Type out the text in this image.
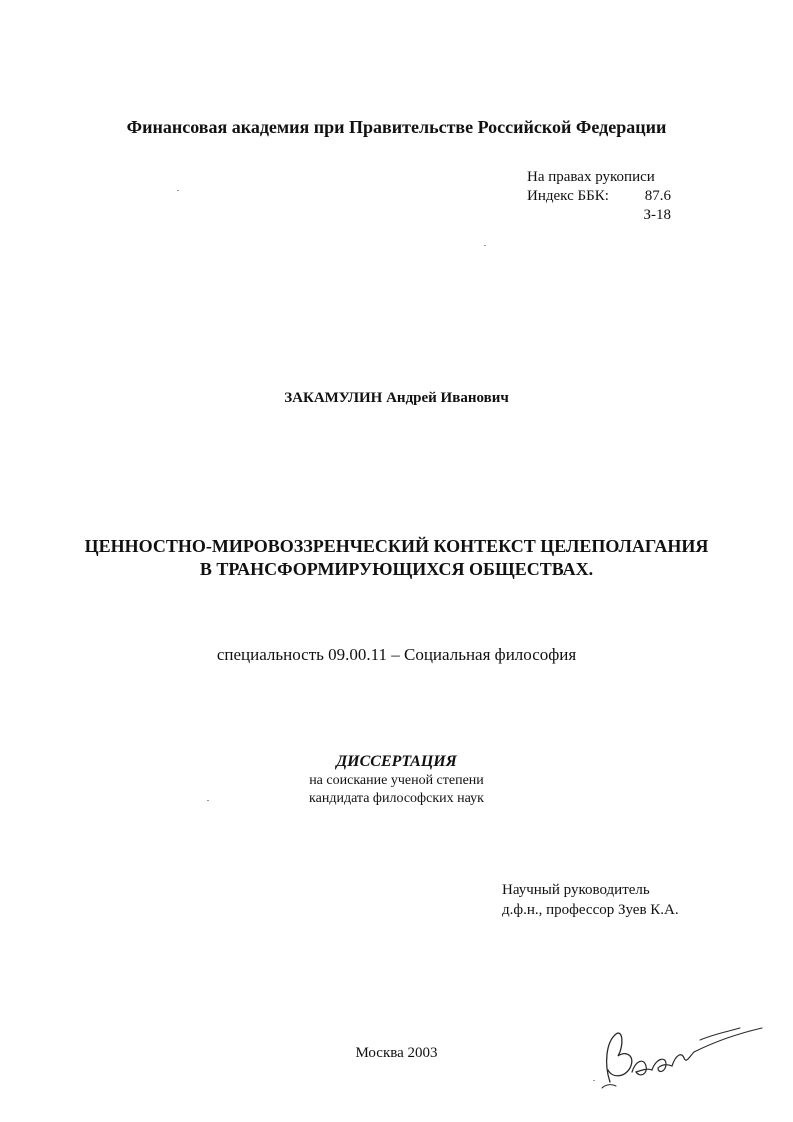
Финансовая академия при Правительстве Российской Федерации
На правах рукописи
Индекс ББК:	87.6
З-18
ЗАКАМУЛИН Андрей Иванович
ЦЕННОСТНО-МИРОВОЗЗРЕНЧЕСКИЙ КОНТЕКСТ ЦЕЛЕПОЛАГАНИЯ
В ТРАНСФОРМИРУЮЩИХСЯ ОБЩЕСТВАХ.
специальность 09.00.11 – Социальная философия
ДИССЕРТАЦИЯ
на соискание ученой степени
кандидата философских наук
Научный руководитель
д.ф.н., профессор Зуев К.А.
Москва 2003
